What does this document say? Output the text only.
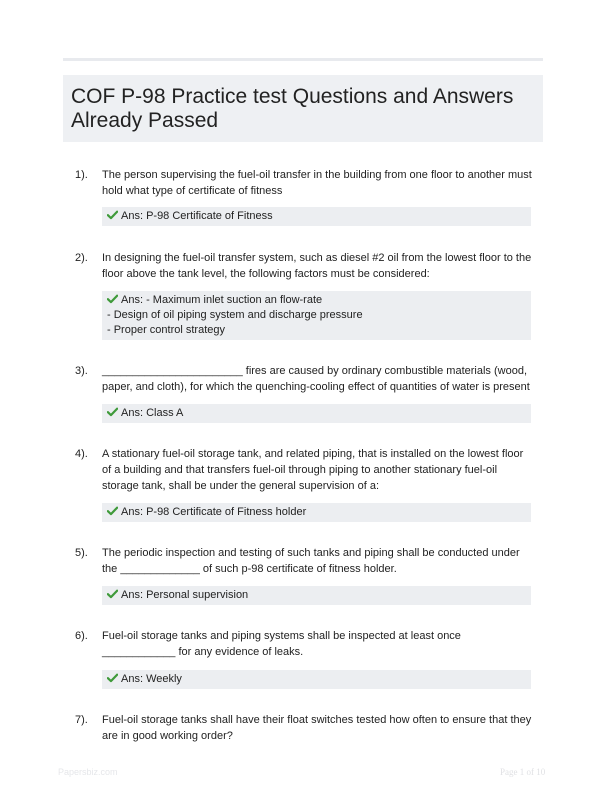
COF P-98 Practice test Questions and Answers Already Passed
1). The person supervising the fuel-oil transfer in the building from one floor to another must hold what type of certificate of fitness
Ans: P-98 Certificate of Fitness
2). In designing the fuel-oil transfer system, such as diesel #2 oil from the lowest floor to the floor above the tank level, the following factors must be considered:
Ans: - Maximum inlet suction an flow-rate
- Design of oil piping system and discharge pressure
- Proper control strategy
3). _______________________ fires are caused by ordinary combustible materials (wood, paper, and cloth), for which the quenching-cooling effect of quantities of water is present
Ans: Class A
4). A stationary fuel-oil storage tank, and related piping, that is installed on the lowest floor of a building and that transfers fuel-oil through piping to another stationary fuel-oil storage tank, shall be under the general supervision of a:
Ans: P-98 Certificate of Fitness holder
5). The periodic inspection and testing of such tanks and piping shall be conducted under the _____________ of such p-98 certificate of fitness holder.
Ans: Personal supervision
6). Fuel-oil storage tanks and piping systems shall be inspected at least once ____________ for any evidence of leaks.
Ans: Weekly
7). Fuel-oil storage tanks shall have their float switches tested how often to ensure that they are in good working order?
Papersbiz.com	Page 1 of 10
